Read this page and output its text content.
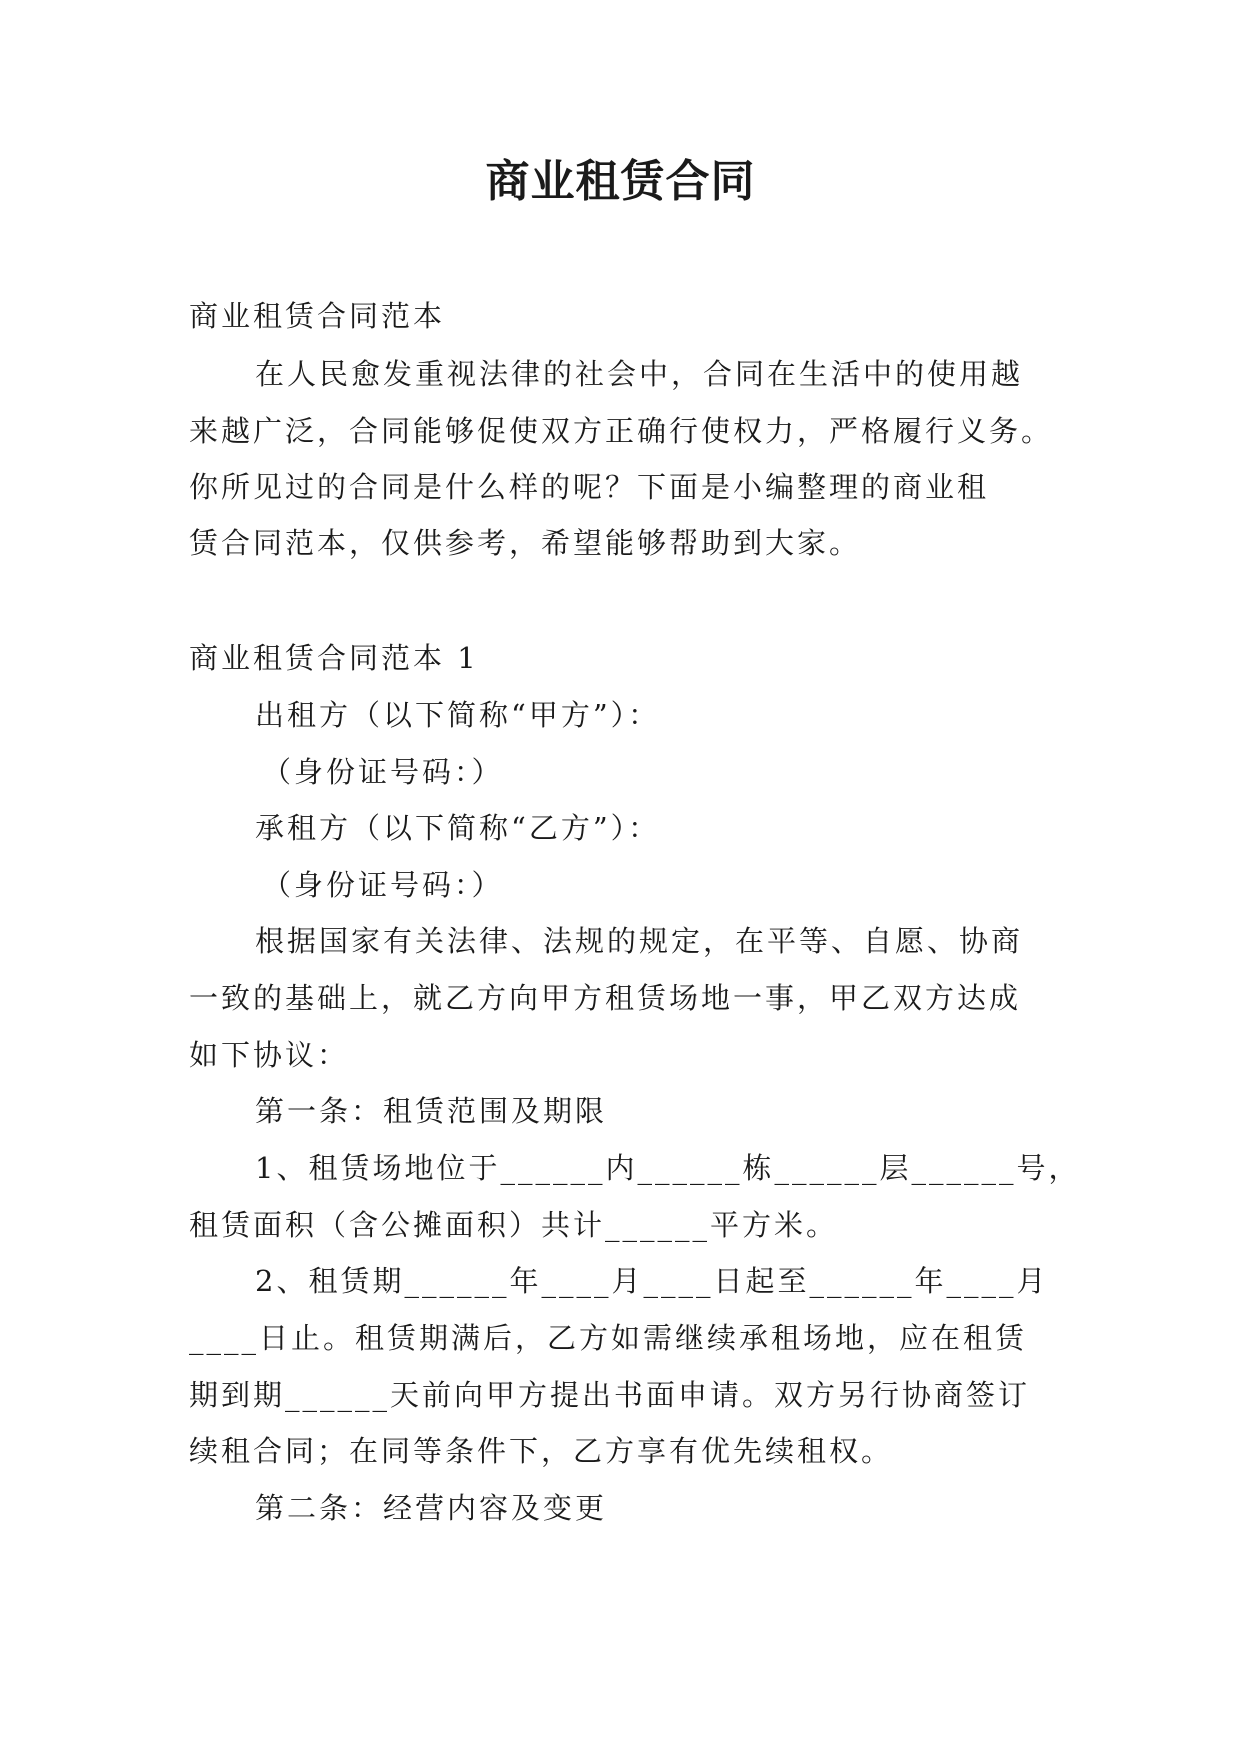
商业租赁合同
商业租赁合同范本
在人民愈发重视法律的社会中，合同在生活中的使用越
来越广泛，合同能够促使双方正确行使权力，严格履行义务。
你所见过的合同是什么样的呢？下面是小编整理的商业租
赁合同范本，仅供参考，希望能够帮助到大家。
商业租赁合同范本 1
出租方（以下简称“甲方”）：
（身份证号码：）
承租方（以下简称“乙方”）：
（身份证号码：）
根据国家有关法律、法规的规定，在平等、自愿、协商
一致的基础上，就乙方向甲方租赁场地一事，甲乙双方达成
如下协议：
第一条：租赁范围及期限
1、租赁场地位于______内______栋______层______号，
租赁面积（含公摊面积）共计______平方米。
2、租赁期______年____月____日起至______年____月
____日止。租赁期满后，乙方如需继续承租场地，应在租赁
期到期______天前向甲方提出书面申请。双方另行协商签订
续租合同；在同等条件下，乙方享有优先续租权。
第二条：经营内容及变更
